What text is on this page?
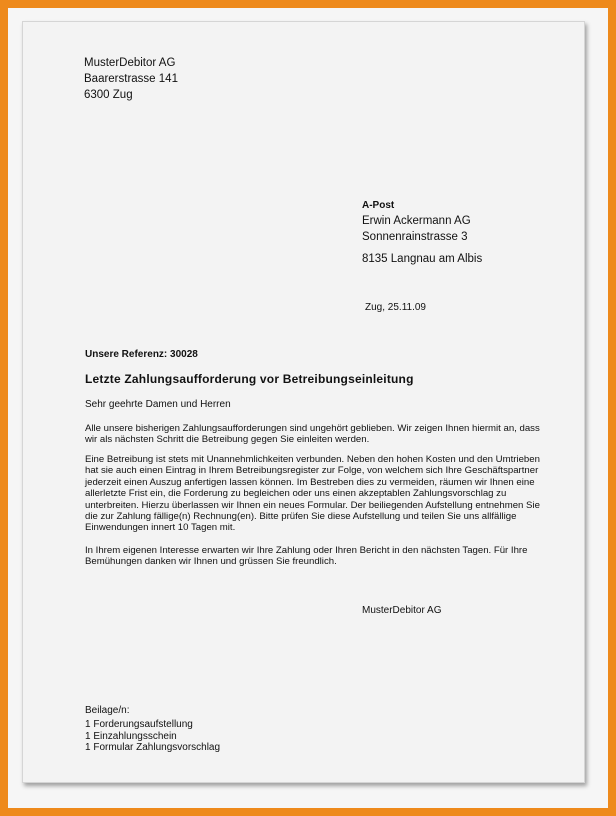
MusterDebitor AG
Baarerstrasse 141
6300 Zug
A-Post
Erwin Ackermann AG
Sonnenrainstrasse 3
8135 Langnau am Albis
Zug, 25.11.09
Unsere Referenz: 30028
Letzte Zahlungsaufforderung vor Betreibungseinleitung
Sehr geehrte Damen und Herren
Alle unsere bisherigen Zahlungsaufforderungen sind ungehört geblieben. Wir zeigen Ihnen hiermit an, dass
wir als nächsten Schritt die Betreibung gegen Sie einleiten werden.
Eine Betreibung ist stets mit Unannehmlichkeiten verbunden. Neben den hohen Kosten und den Umtrieben
hat sie auch einen Eintrag in Ihrem Betreibungsregister zur Folge, von welchem sich Ihre Geschäftspartner
jederzeit einen Auszug anfertigen lassen können. Im Bestreben dies zu vermeiden, räumen wir Ihnen eine
allerletzte Frist ein, die Forderung zu begleichen oder uns einen akzeptablen Zahlungsvorschlag zu
unterbreiten. Hierzu überlassen wir Ihnen ein neues Formular. Der beiliegenden Aufstellung entnehmen Sie
die zur Zahlung fällige(n) Rechnung(en). Bitte prüfen Sie diese Aufstellung und teilen Sie uns allfällige
Einwendungen innert 10 Tagen mit.
In Ihrem eigenen Interesse erwarten wir Ihre Zahlung oder Ihren Bericht in den nächsten Tagen. Für Ihre
Bemühungen danken wir Ihnen und grüssen Sie freundlich.
MusterDebitor AG
Beilage/n:
1 Forderungsaufstellung
1 Einzahlungsschein
1 Formular Zahlungsvorschlag
